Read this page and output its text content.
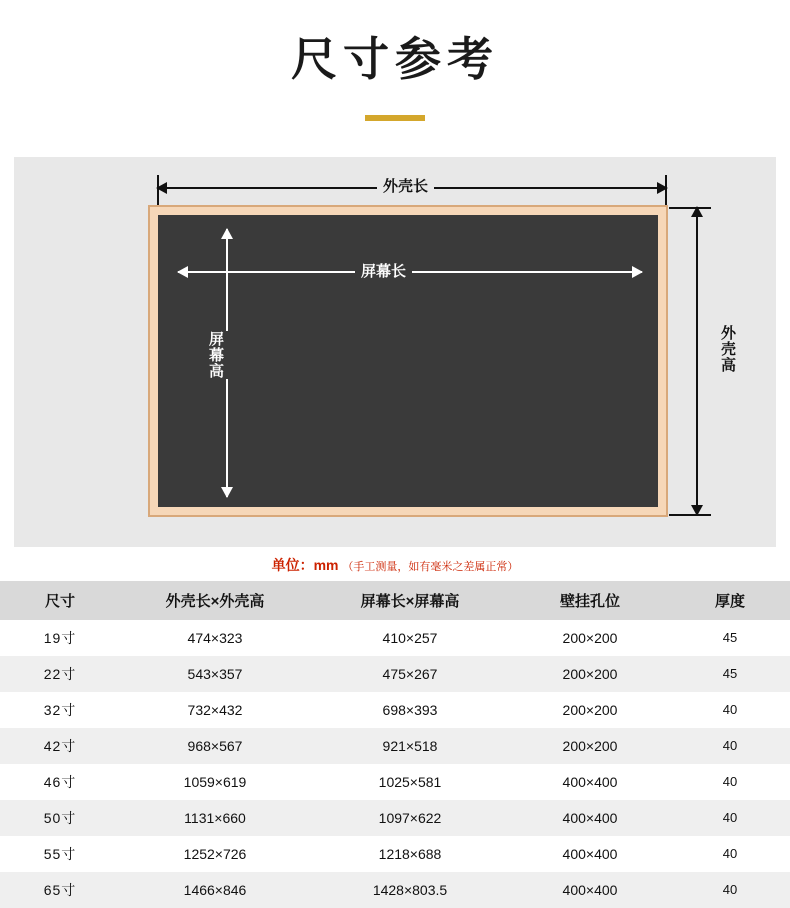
尺寸参考
外壳长
外壳高
屏幕长
屏幕高
单位：mm （手工测量，如有毫米之差属正常）
尺寸	外壳长×外壳高	屏幕长×屏幕高	壁挂孔位	厚度
19寸	474×323	410×257	200×200	45
22寸	543×357	475×267	200×200	45
32寸	732×432	698×393	200×200	40
42寸	968×567	921×518	200×200	40
46寸	1059×619	1025×581	400×400	40
50寸	1131×660	1097×622	400×400	40
55寸	1252×726	1218×688	400×400	40
65寸	1466×846	1428×803.5	400×400	40
